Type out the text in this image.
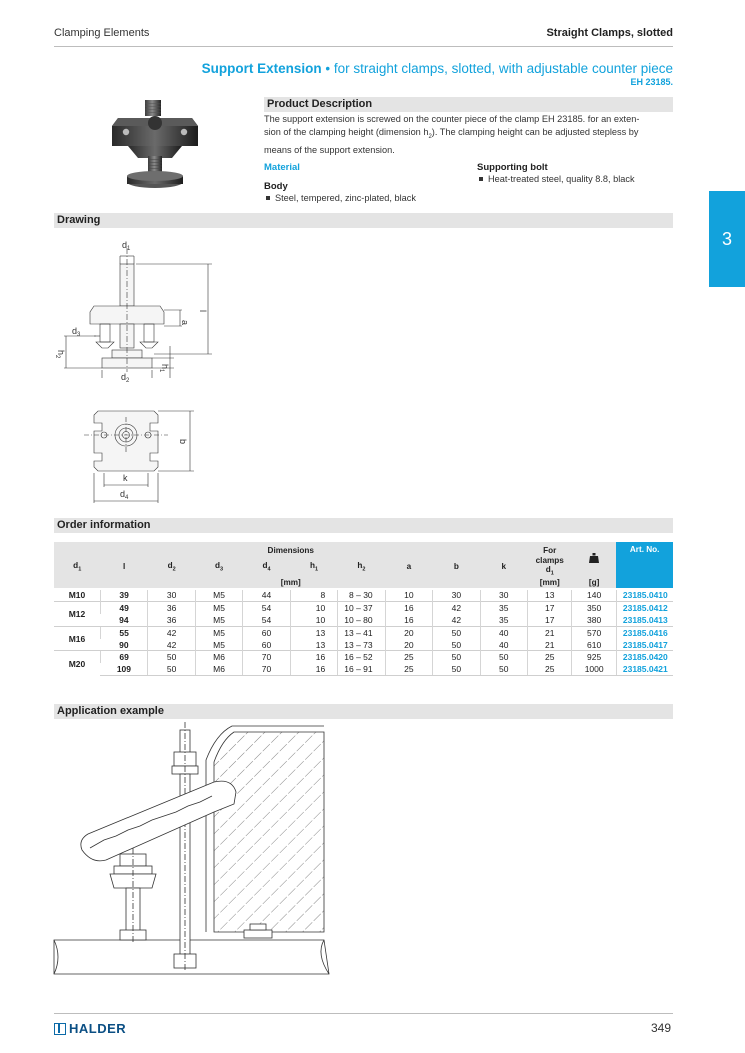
Clamping Elements	Straight Clamps, slotted
Support Extension • for straight clamps, slotted, with adjustable counter piece
EH 23185.
3
Product Description
The support extension is screwed on the counter piece of the clamp EH 23185. for an exten-
sion of the clamping height (dimension $h_2$). The clamping height can be adjusted stepless by
means of the support extension.
Material
Body
Steel, tempered, zinc-plated, black
Supporting bolt
Heat-treated steel, quality 8.8, black
Drawing
$d_1$
a
l
$d_3$
$h_2$
$h_1$
$d_2$
b
k
$d_4$
Order information
Dimensions										For		Art. No.
$d_1$	l	$d_2$	$d_3$	$d_4$	$h_1$	$h_2$	a	b	k	clamps
$d_1$

[mm]										[mm]	[g]	
M10	39	30	M5	44	8	8 – 30	10	30	30	13	140	23185.0410
M12	49	36	M5	54	10	10 – 37	16	42	35	17	350	23185.0412
	94	36	M5	54	10	10 – 80	16	42	35	17	380	23185.0413
M16	55	42	M5	60	13	13 – 41	20	50	40	21	570	23185.0416
	90	42	M5	60	13	13 – 73	20	50	40	21	610	23185.0417
M20	69	50	M6	70	16	16 – 52	25	50	50	25	925	23185.0420
	109	50	M6	70	16	16 – 91	25	50	50	25	1000	23185.0421
Application example
HALDER	349
